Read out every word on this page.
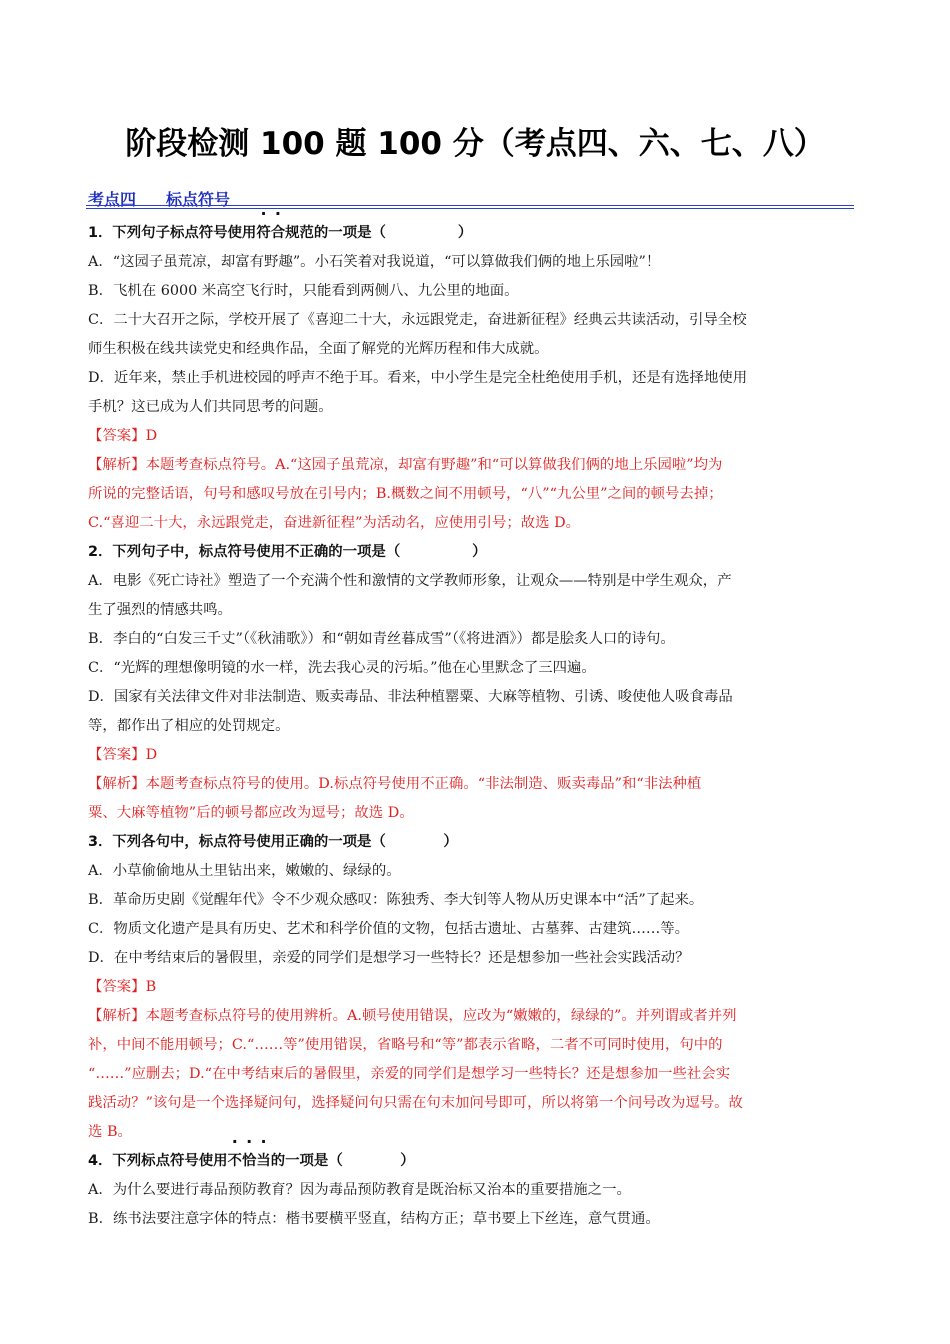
阶段检测 100 题 100 分（考点四、六、七、八）
考点四 标点符号
1．下列句子标点符号使用符合规范的一项是（　　　　　）
A．“这园子虽荒凉，却富有野趣”。小石笑着对我说道，“可以算做我们俩的地上乐园啦”！
B．飞机在 6000 米高空飞行时，只能看到两侧八、九公里的地面。
C．二十大召开之际，学校开展了《喜迎二十大，永远跟党走，奋进新征程》经典云共读活动，引导全校
师生积极在线共读党史和经典作品，全面了解党的光辉历程和伟大成就。
D．近年来，禁止手机进校园的呼声不绝于耳。看来，中小学生是完全杜绝使用手机，还是有选择地使用
手机？这已成为人们共同思考的问题。
【答案】D
【解析】本题考查标点符号。A.“这园子虽荒凉，却富有野趣”和“可以算做我们俩的地上乐园啦”均为
所说的完整话语，句号和感叹号放在引号内；B.概数之间不用顿号，“八”“九公里”之间的顿号去掉；
C.“喜迎二十大，永远跟党走，奋进新征程”为活动名，应使用引号；故选 D。
2．下列句子中，标点符号使用不正确的一项是（　　　　　）
A．电影《死亡诗社》塑造了一个充满个性和激情的文学教师形象，让观众——特别是中学生观众，产
生了强烈的情感共鸣。
B．李白的“白发三千丈”（《秋浦歌》）和“朝如青丝暮成雪”（《将进酒》）都是脍炙人口的诗句。
C．“光辉的理想像明镜的水一样，洗去我心灵的污垢。”他在心里默念了三四遍。
D．国家有关法律文件对非法制造、贩卖毒品、非法种植罂粟、大麻等植物、引诱、唆使他人吸食毒品
等，都作出了相应的处罚规定。
【答案】D
【解析】本题考查标点符号的使用。D.标点符号使用不正确。“非法制造、贩卖毒品”和“非法种植
粟、大麻等植物”后的顿号都应改为逗号；故选 D。
3．下列各句中，标点符号使用正确的一项是（　　　　）
A．小草偷偷地从土里钻出来，嫩嫩的、绿绿的。
B．革命历史剧《觉醒年代》令不少观众感叹：陈独秀、李大钊等人物从历史课本中“活”了起来。
C．物质文化遗产是具有历史、艺术和科学价值的文物，包括古遗址、古墓葬、古建筑……等。
D．在中考结束后的暑假里，亲爱的同学们是想学习一些特长？还是想参加一些社会实践活动？
【答案】B
【解析】本题考查标点符号的使用辨析。A.顿号使用错误，应改为“嫩嫩的，绿绿的”。并列谓或者并列
补，中间不能用顿号；C.“……等”使用错误，省略号和“等”都表示省略，二者不可同时使用，句中的
“……”应删去；D.“在中考结束后的暑假里，亲爱的同学们是想学习一些特长？还是想参加一些社会实
践活动？”该句是一个选择疑问句，选择疑问句只需在句末加问号即可，所以将第一个问号改为逗号。故
选 B。
4．下列标点符号使用不恰当的一项是（　　　　）
A．为什么要进行毒品预防教育？因为毒品预防教育是既治标又治本的重要措施之一。
B．练书法要注意字体的特点：楷书要横平竖直，结构方正；草书要上下丝连，意气贯通。
